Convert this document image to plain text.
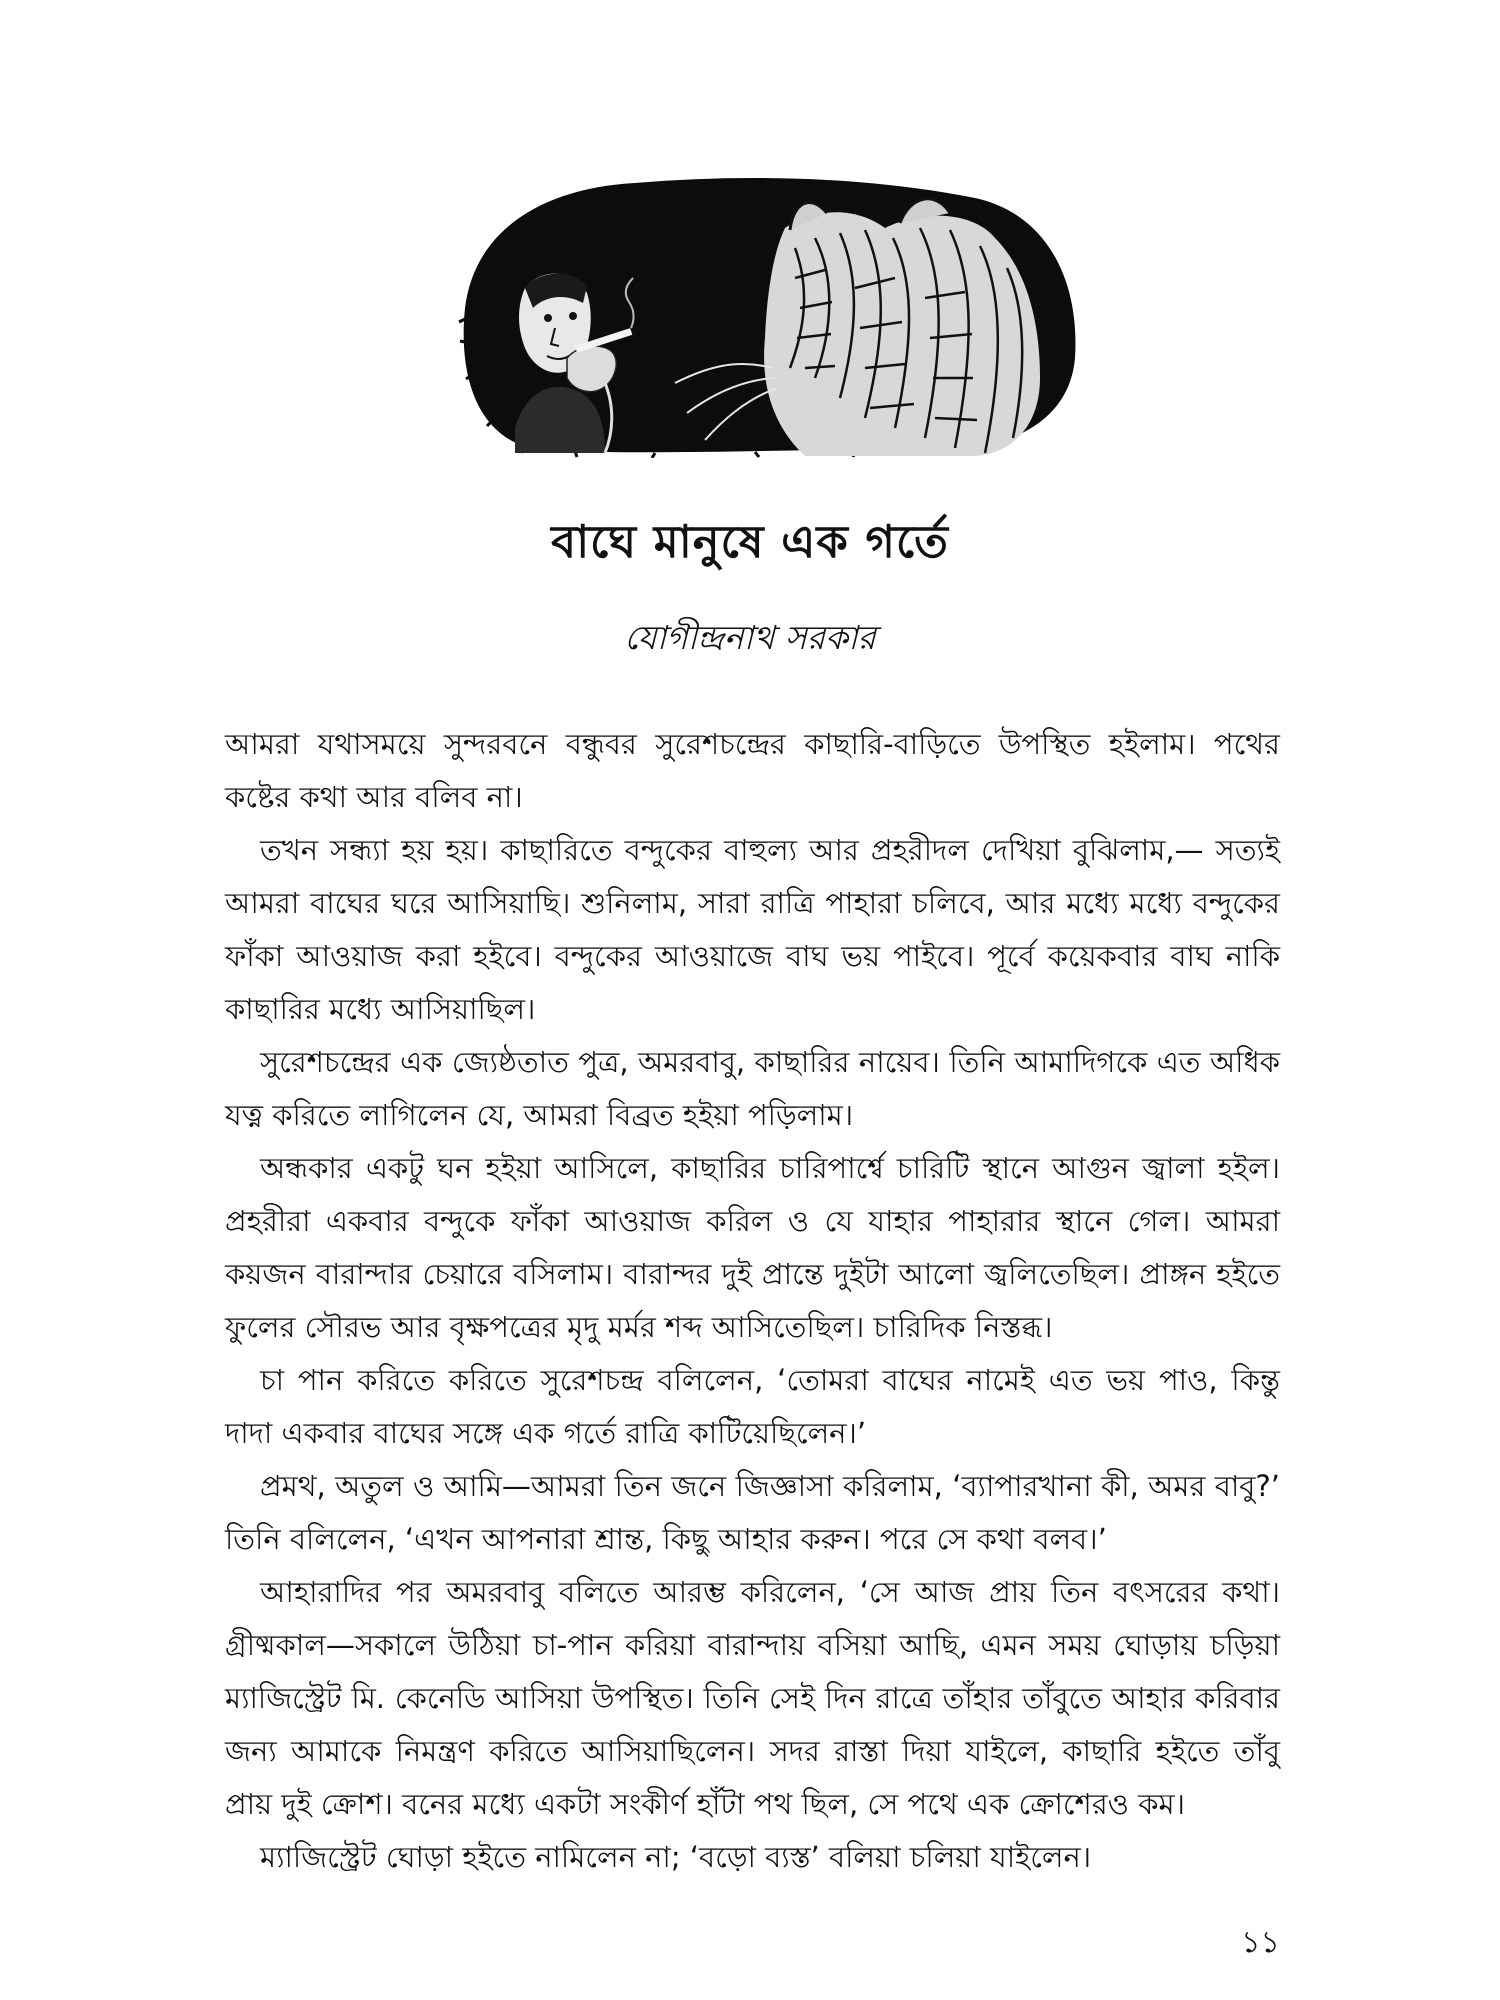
বাঘে মানুষে এক গর্তে
যোগীন্দ্রনাথ সরকার

আমরা যথাসময়ে সুন্দরবনে বন্ধুবর সুরেশচন্দ্রের কাছারি-বাড়িতে উপস্থিত হইলাম। পথের কষ্টের কথা আর বলিব না।

তখন সন্ধ্যা হয় হয়। কাছারিতে বন্দুকের বাহুল্য আর প্রহরীদল দেখিয়া বুঝিলাম,— সত্যই আমরা বাঘের ঘরে আসিয়াছি। শুনিলাম, সারা রাত্রি পাহারা চলিবে, আর মধ্যে মধ্যে বন্দুকের ফাঁকা আওয়াজ করা হইবে। বন্দুকের আওয়াজে বাঘ ভয় পাইবে। পূর্বে কয়েকবার বাঘ নাকি কাছারির মধ্যে আসিয়াছিল।

সুরেশচন্দ্রের এক জ্যেষ্ঠতাত পুত্র, অমরবাবু, কাছারির নায়েব। তিনি আমাদিগকে এত অধিক যত্ন করিতে লাগিলেন যে, আমরা বিব্রত হইয়া পড়িলাম।

অন্ধকার একটু ঘন হইয়া আসিলে, কাছারির চারিপার্শ্বে চারিটি স্থানে আগুন জ্বালা হইল। প্রহরীরা একবার বন্দুকে ফাঁকা আওয়াজ করিল ও যে যাহার পাহারার স্থানে গেল। আমরা কয়জন বারান্দার চেয়ারে বসিলাম। বারান্দর দুই প্রান্তে দুইটা আলো জ্বলিতেছিল। প্রাঙ্গন হইতে ফুলের সৌরভ আর বৃক্ষপত্রের মৃদু মর্মর শব্দ আসিতেছিল। চারিদিক নিস্তব্ধ।

চা পান করিতে করিতে সুরেশচন্দ্র বলিলেন, ‘তোমরা বাঘের নামেই এত ভয় পাও, কিন্তু দাদা একবার বাঘের সঙ্গে এক গর্তে রাত্রি কাটিয়েছিলেন।’

প্রমথ, অতুল ও আমি—আমরা তিন জনে জিজ্ঞাসা করিলাম, ‘ব্যাপারখানা কী, অমর বাবু?’ তিনি বলিলেন, ‘এখন আপনারা শ্রান্ত, কিছু আহার করুন। পরে সে কথা বলব।’

আহারাদির পর অমরবাবু বলিতে আরম্ভ করিলেন, ‘সে আজ প্রায় তিন বৎসরের কথা। গ্রীষ্মকাল—সকালে উঠিয়া চা-পান করিয়া বারান্দায় বসিয়া আছি, এমন সময় ঘোড়ায় চড়িয়া ম্যাজিস্ট্রেট মি. কেনেডি আসিয়া উপস্থিত। তিনি সেই দিন রাত্রে তাঁহার তাঁবুতে আহার করিবার জন্য আমাকে নিমন্ত্রণ করিতে আসিয়াছিলেন। সদর রাস্তা দিয়া যাইলে, কাছারি হইতে তাঁবু প্রায় দুই ক্রোশ। বনের মধ্যে একটা সংকীর্ণ হাঁটা পথ ছিল, সে পথে এক ক্রোশেরও কম।

ম্যাজিস্ট্রেট ঘোড়া হইতে নামিলেন না; ‘বড়ো ব্যস্ত’ বলিয়া চলিয়া যাইলেন।

১১
